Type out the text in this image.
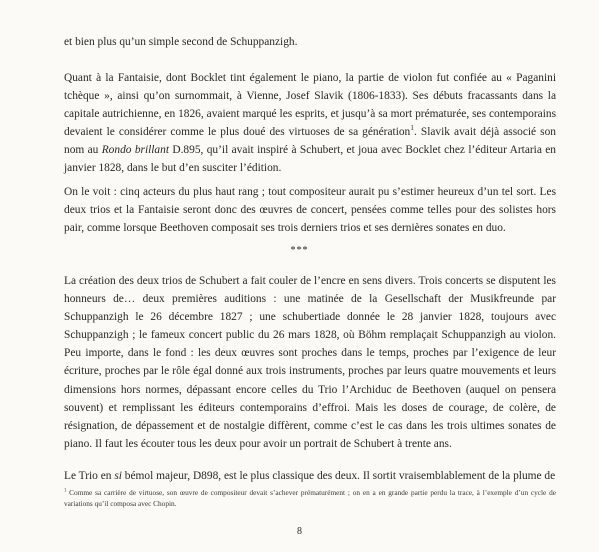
et bien plus qu’un simple second de Schuppanzigh.

Quant à la Fantaisie, dont Bocklet tint également le piano, la partie de violon fut confiée au « Paganini tchèque », ainsi qu’on surnommait, à Vienne, Josef Slavik (1806-1833). Ses débuts fracassants dans la capitale autrichienne, en 1826, avaient marqué les esprits, et jusqu’à sa mort prématurée, ses contemporains devaient le considérer comme le plus doué des virtuoses de sa génération$^1$. Slavik avait déjà associé son nom au Rondo brillant D.895, qu’il avait inspiré à Schubert, et joua avec Bocklet chez l’éditeur Artaria en janvier 1828, dans le but d’en susciter l’édition.

On le voit : cinq acteurs du plus haut rang ; tout compositeur aurait pu s’estimer heureux d’un tel sort. Les deux trios et la Fantaisie seront donc des œuvres de concert, pensées comme telles pour des solistes hors pair, comme lorsque Beethoven composait ses trois derniers trios et ses dernières sonates en duo.

***

La création des deux trios de Schubert a fait couler de l’encre en sens divers. Trois concerts se disputent les honneurs de… deux premières auditions : une matinée de la Gesellschaft der Musikfreunde par Schuppanzigh le 26 décembre 1827 ; une schubertiade donnée le 28 janvier 1828, toujours avec Schuppanzigh ; le fameux concert public du 26 mars 1828, où Böhm remplaçait Schuppanzigh au violon. Peu importe, dans le fond : les deux œuvres sont proches dans le temps, proches par l’exigence de leur écriture, proches par le rôle égal donné aux trois instruments, proches par leurs quatre mouvements et leurs dimensions hors normes, dépassant encore celles du Trio l’Archiduc de Beethoven (auquel on pensera souvent) et remplissant les éditeurs contemporains d’effroi. Mais les doses de courage, de colère, de résignation, de dépassement et de nostalgie diffèrent, comme c’est le cas dans les trois ultimes sonates de piano. Il faut les écouter tous les deux pour avoir un portrait de Schubert à trente ans.

Le Trio en si bémol majeur, D898, est le plus classique des deux. Il sortit vraisemblablement de la plume de

$^1$ Comme sa carrière de virtuose, son œuvre de compositeur devait s’achever prématurément ; on en a en grande partie perdu la trace, à l’exemple d’un cycle de variations qu’il composa avec Chopin.

8
